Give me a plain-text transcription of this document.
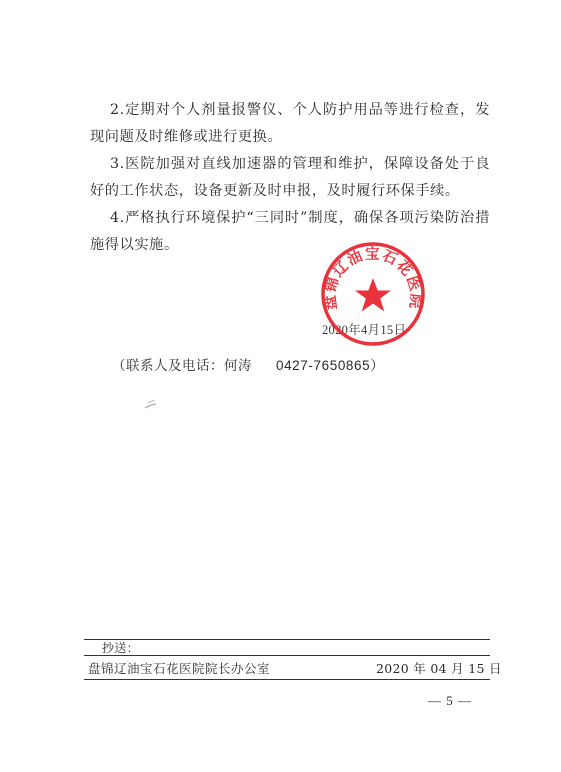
2.定期对个人剂量报警仪、个人防护用品等进行检查，发现问题及时维修或进行更换。

3.医院加强对直线加速器的管理和维护，保障设备处于良好的工作状态，设备更新及时申报，及时履行环保手续。

4.严格执行环境保护“三同时”制度，确保各项污染防治措施得以实施。

盘锦辽油宝石花医院
2020年4月15日
（联系人及电话：何涛 0427-7650865）
抄送：
盘锦辽油宝石花医院院长办公室	2020 年 04 月 15 日
— 5 —
